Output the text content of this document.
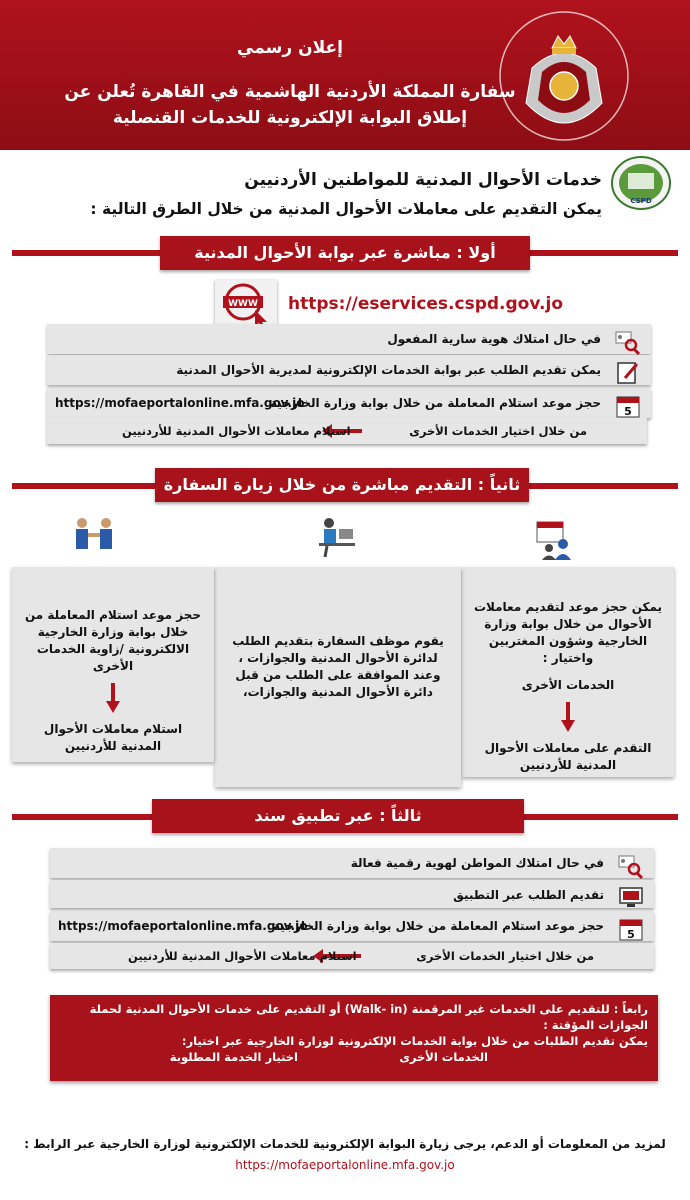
إعلان رسمي
سفارة المملكة الأردنية الهاشمية في القاهرة تُعلن عن
إطلاق البوابة الإلكترونية للخدمات القنصلية
CSPD
خدمات الأحوال المدنية للمواطنين الأردنيين
يمكن التقديم على معاملات الأحوال المدنية من خلال الطرق التالية :
أولا : مباشرة عبر بوابة الأحوال المدنية الإلكترونية:
WWW https://eservices.cspd.gov.jo
في حال امتلاك هوية سارية المفعول
يمكن تقديم الطلب عبر بوابة الخدمات الإلكترونية لمديرية الأحوال المدنية
5
حجز موعد استلام المعاملة من خلال بوابة وزارة الخارجية
https://mofaeportalonline.mfa.gov.jo
من خلال اختيار الخدمات الأخرى
استلام معاملات الأحوال المدنية للأردنيين
ثانياً : التقديم مباشرة من خلال زيارة السفارة
يمكن حجز موعد لتقديم معاملات الأحوال من خلال بوابة وزارة الخارجية وشؤون المغتربين واختيار :
الخدمات الأخرى
التقدم على معاملات الأحوال المدنية للأردنيين
يقوم موظف السفارة بتقديم الطلب لدائرة الأحوال المدنية والجوازات ، وعند الموافقة على الطلب من قبل دائرة الأحوال المدنية والجوازات،
حجز موعد استلام المعاملة من خلال بوابة وزارة الخارجية الالكترونية /زاوية الخدمات الأخرى
استلام معاملات الأحوال المدنية للأردنيين
ثالثاً : عبر تطبيق سند
في حال امتلاك المواطن لهوية رقمية فعالة
تقديم الطلب عبر التطبيق
5
حجز موعد استلام المعاملة من خلال بوابة وزارة الخارجية
https://mofaeportalonline.mfa.gov.jo
من خلال اختيار الخدمات الأخرى
استلام معاملات الأحوال المدنية للأردنيين
رابعاً : للتقديم على الخدمات غير المرقمنة (Walk- in) أو التقديم على خدمات الأحوال المدنية لحملة الجوازات المؤقتة :
يمكن تقديم الطلبات من خلال بوابة الخدمات الإلكترونية لوزارة الخارجية عبر اختيار:
الخدمات الأخرى
اختيار الخدمة المطلوبة
لمزيد من المعلومات أو الدعم، يرجى زيارة البوابة الإلكترونية للخدمات الإلكترونية لوزارة الخارجية عبر الرابط :
https://mofaeportalonline.mfa.gov.jo
